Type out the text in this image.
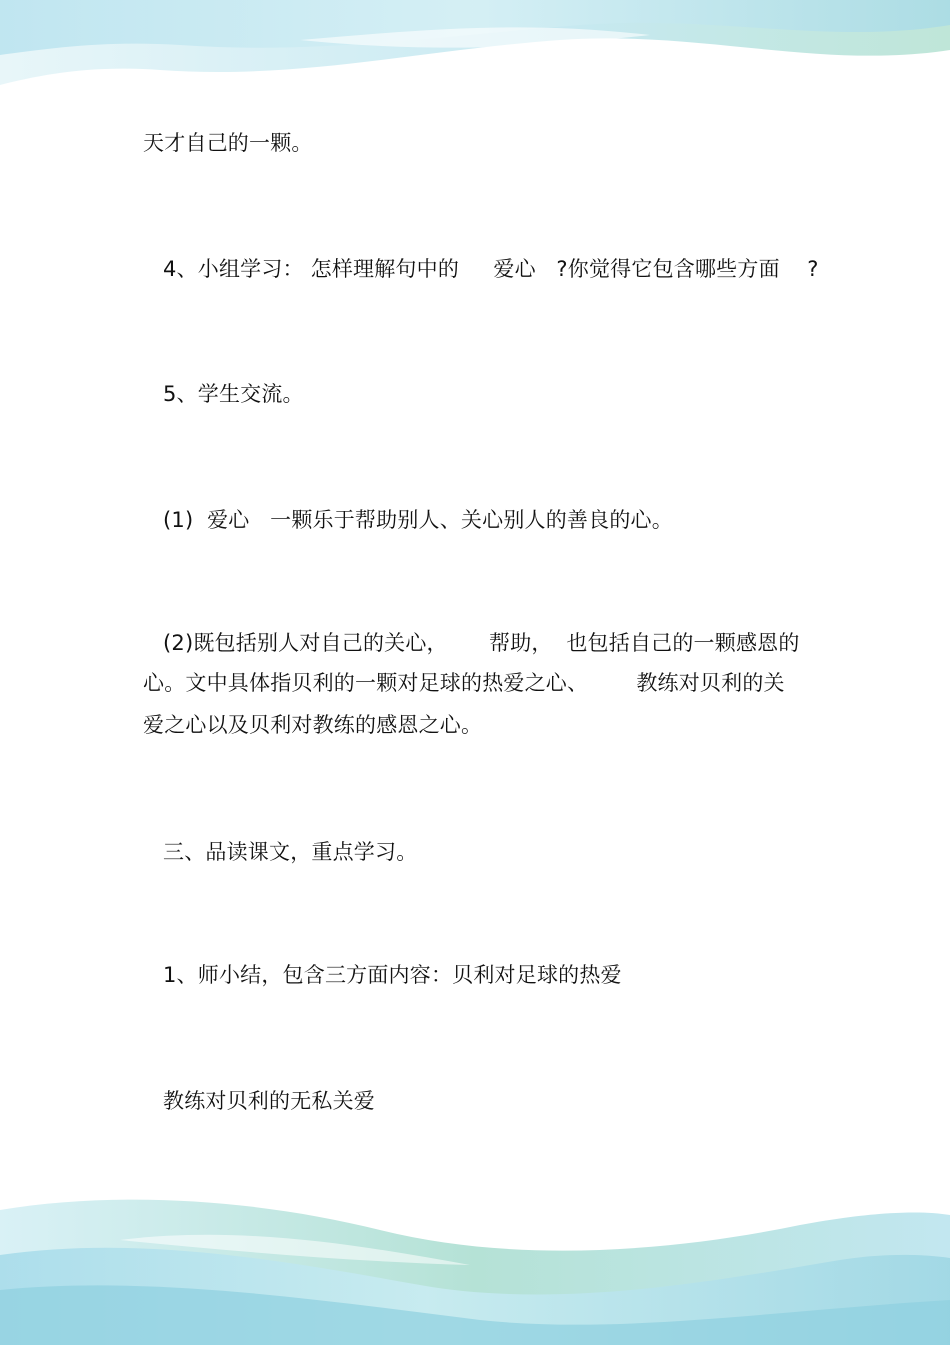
天才自己的一颗。
4、小组学习： 怎样理解句中的     爱心   ?你觉得它包含哪些方面    ?
5、学生交流。
(1)  爱心   一颗乐于帮助别人、关心别人的善良的心。
(2)既包括别人对自己的关心，      帮助，  也包括自己的一颗感恩的
心。文中具体指贝利的一颗对足球的热爱之心、       教练对贝利的关
爱之心以及贝利对教练的感恩之心。
三、品读课文，重点学习。
1、师小结，包含三方面内容：贝利对足球的热爱
教练对贝利的无私关爱
